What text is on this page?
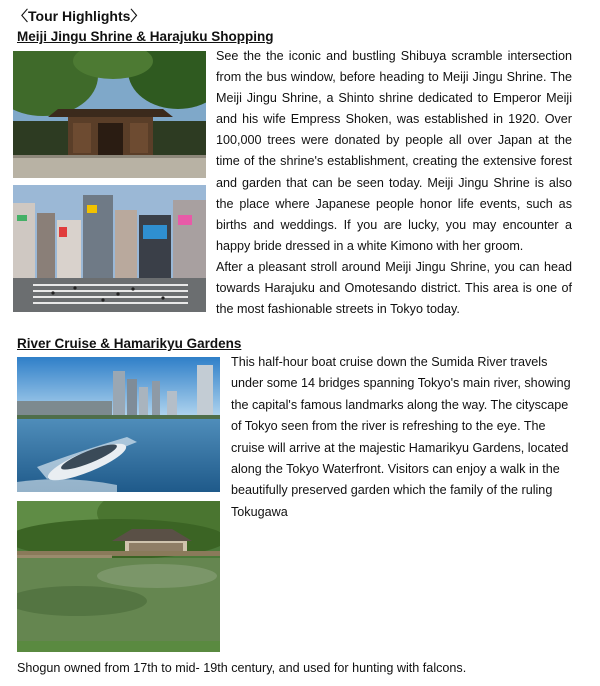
〈Tour Highlights〉
Meiji Jingu Shrine & Harajuku Shopping
See the the iconic and bustling Shibuya scramble intersection from the bus window, before heading to Meiji Jingu Shrine. The Meiji Jingu Shrine, a Shinto shrine dedicated to Emperor Meiji and his wife Empress Shoken, was established in 1920. Over 100,000 trees were donated by people all over Japan at the time of the shrine's establishment, creating the extensive forest and garden that can be seen today. Meiji Jingu Shrine is also the place where Japanese people honor life events, such as births and weddings. If you are lucky, you may encounter a happy bride dressed in a white Kimono with her groom.
After a pleasant stroll around Meiji Jingu Shrine, you can head towards Harajuku and Omotesando district. This area is one of the most fashionable streets in Tokyo today.
River Cruise & Hamarikyu Gardens
This half-hour boat cruise down the Sumida River travels under some 14 bridges spanning Tokyo's main river, showing the capital's famous landmarks along the way. The cityscape of Tokyo seen from the river is refreshing to the eye. The cruise will arrive at the majestic Hamarikyu Gardens, located along the Tokyo Waterfront. Visitors can enjoy a walk in the beautifully preserved garden which the family of the ruling Tokugawa
Shogun owned from 17th to mid- 19th century, and used for hunting with falcons.
